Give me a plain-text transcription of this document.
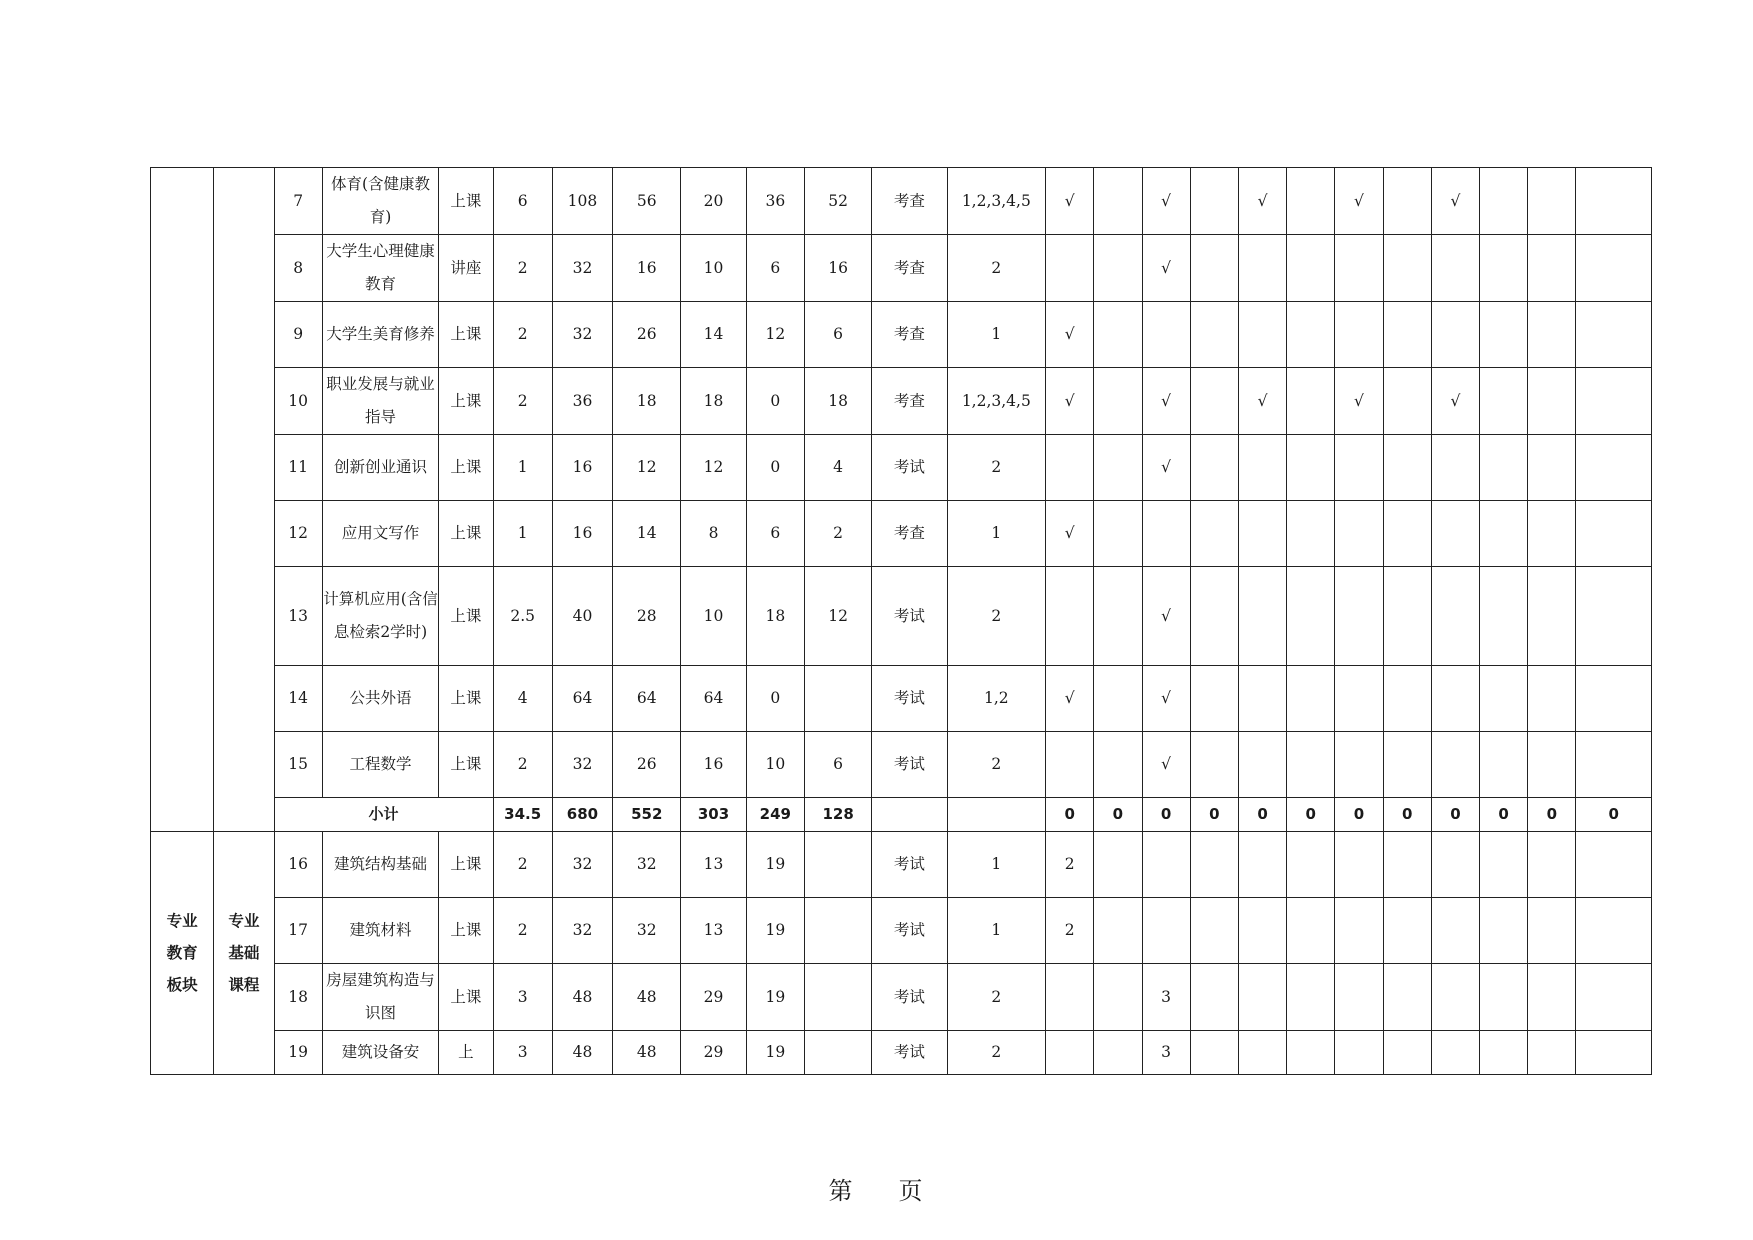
		7	体育(含健康教育)	上课	6	108	56	20	36	52	考查	1,2,3,4,5	√		√		√		√		√			
		8	大学生心理健康教育	讲座	2	32	16	10	6	16	考查	2			√									
		9	大学生美育修养	上课	2	32	26	14	12	6	考查	1	√											
		10	职业发展与就业指导	上课	2	36	18	18	0	18	考查	1,2,3,4,5	√		√		√		√		√			
		11	创新创业通识	上课	1	16	12	12	0	4	考试	2			√									
		12	应用文写作	上课	1	16	14	8	6	2	考查	1	√											
		13	计算机应用(含信息检索2学时)	上课	2.5	40	28	10	18	12	考试	2			√									
		14	公共外语	上课	4	64	64	64	0		考试	1,2	√		√									
		15	工程数学	上课	2	32	26	16	10	6	考试	2			√									
		小计			34.5	680	552	303	249	128			0	0	0	0	0	0	0	0	0	0	0	0
专业教育板块	专业基础课程	16	建筑结构基础	上课	2	32	32	13	19		考试	1	2											
		17	建筑材料	上课	2	32	32	13	19		考试	1	2											
		18	房屋建筑构造与识图	上课	3	48	48	29	19		考试	2			3									
		19	建筑设备安	上	3	48	48	29	19		考试	2			3									
第 页
